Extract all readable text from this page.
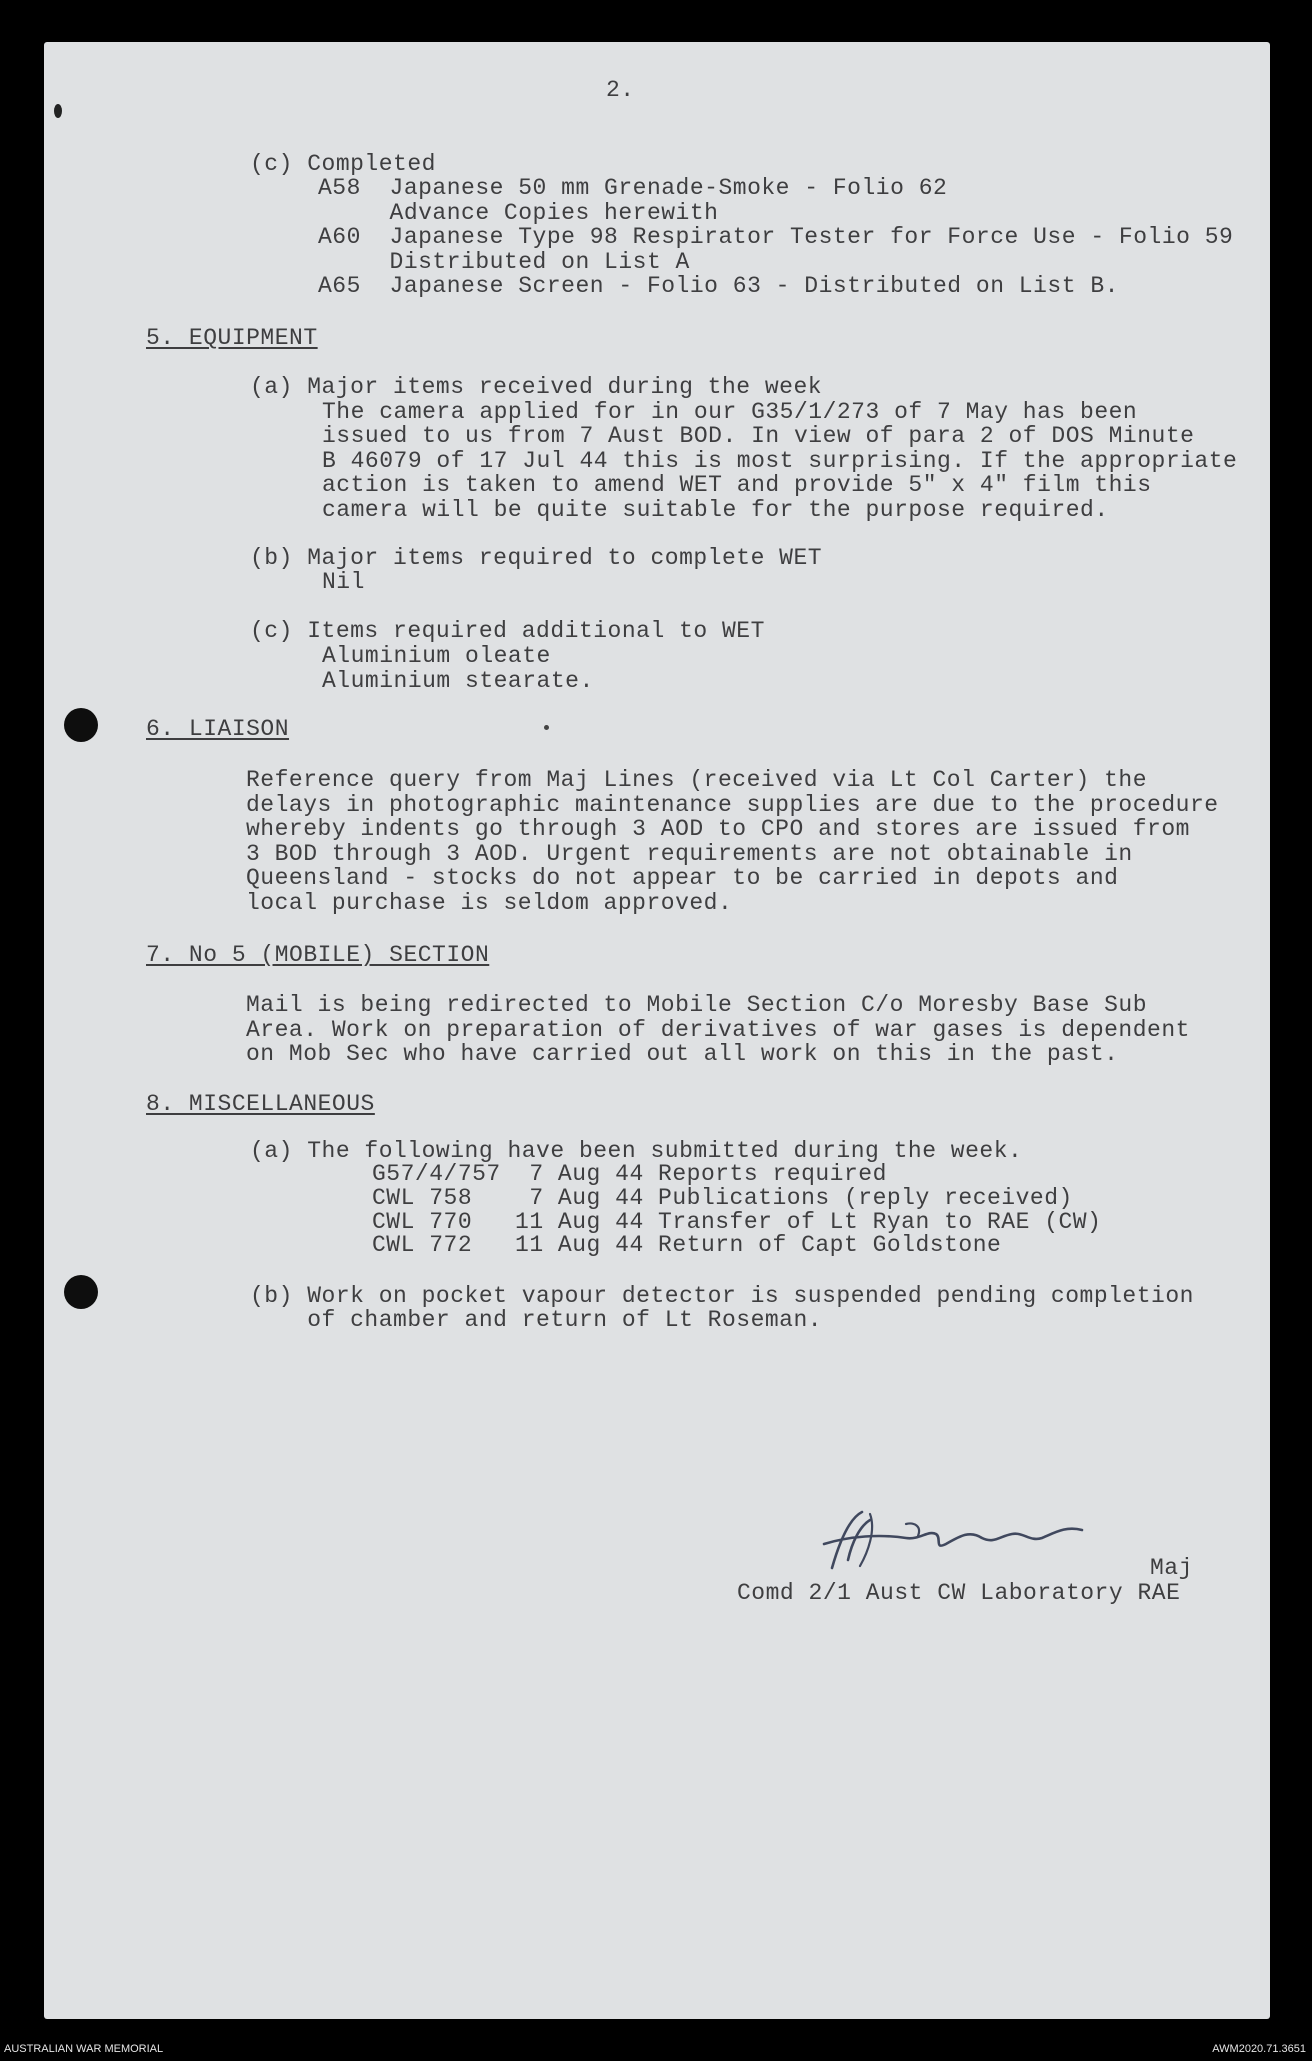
2.
(c) Completed
A58  Japanese 50 mm Grenade-Smoke - Folio 62
Advance Copies herewith
A60  Japanese Type 98 Respirator Tester for Force Use - Folio 59
Distributed on List A
A65  Japanese Screen - Folio 63 - Distributed on List B.
5. EQUIPMENT
(a) Major items received during the week
The camera applied for in our G35/1/273 of 7 May has been
issued to us from 7 Aust BOD. In view of para 2 of DOS Minute
B 46079 of 17 Jul 44 this is most surprising. If the appropriate
action is taken to amend WET and provide 5" x 4" film this
camera will be quite suitable for the purpose required.
(b) Major items required to complete WET
Nil
(c) Items required additional to WET
Aluminium oleate
Aluminium stearate.
6. LIAISON
Reference query from Maj Lines (received via Lt Col Carter) the
delays in photographic maintenance supplies are due to the procedure
whereby indents go through 3 AOD to CPO and stores are issued from
3 BOD through 3 AOD. Urgent requirements are not obtainable in
Queensland - stocks do not appear to be carried in depots and
local purchase is seldom approved.
7. No 5 (MOBILE) SECTION
Mail is being redirected to Mobile Section C/o Moresby Base Sub
Area. Work on preparation of derivatives of war gases is dependent
on Mob Sec who have carried out all work on this in the past.
8. MISCELLANEOUS
(a) The following have been submitted during the week.
G57/4/757  7 Aug 44 Reports required
CWL 758    7 Aug 44 Publications (reply received)
CWL 770   11 Aug 44 Transfer of Lt Ryan to RAE (CW)
CWL 772   11 Aug 44 Return of Capt Goldstone
(b) Work on pocket vapour detector is suspended pending completion
of chamber and return of Lt Roseman.
Maj
Comd 2/1 Aust CW Laboratory RAE
AUSTRALIAN WAR MEMORIAL	AWM2020.71.3651
